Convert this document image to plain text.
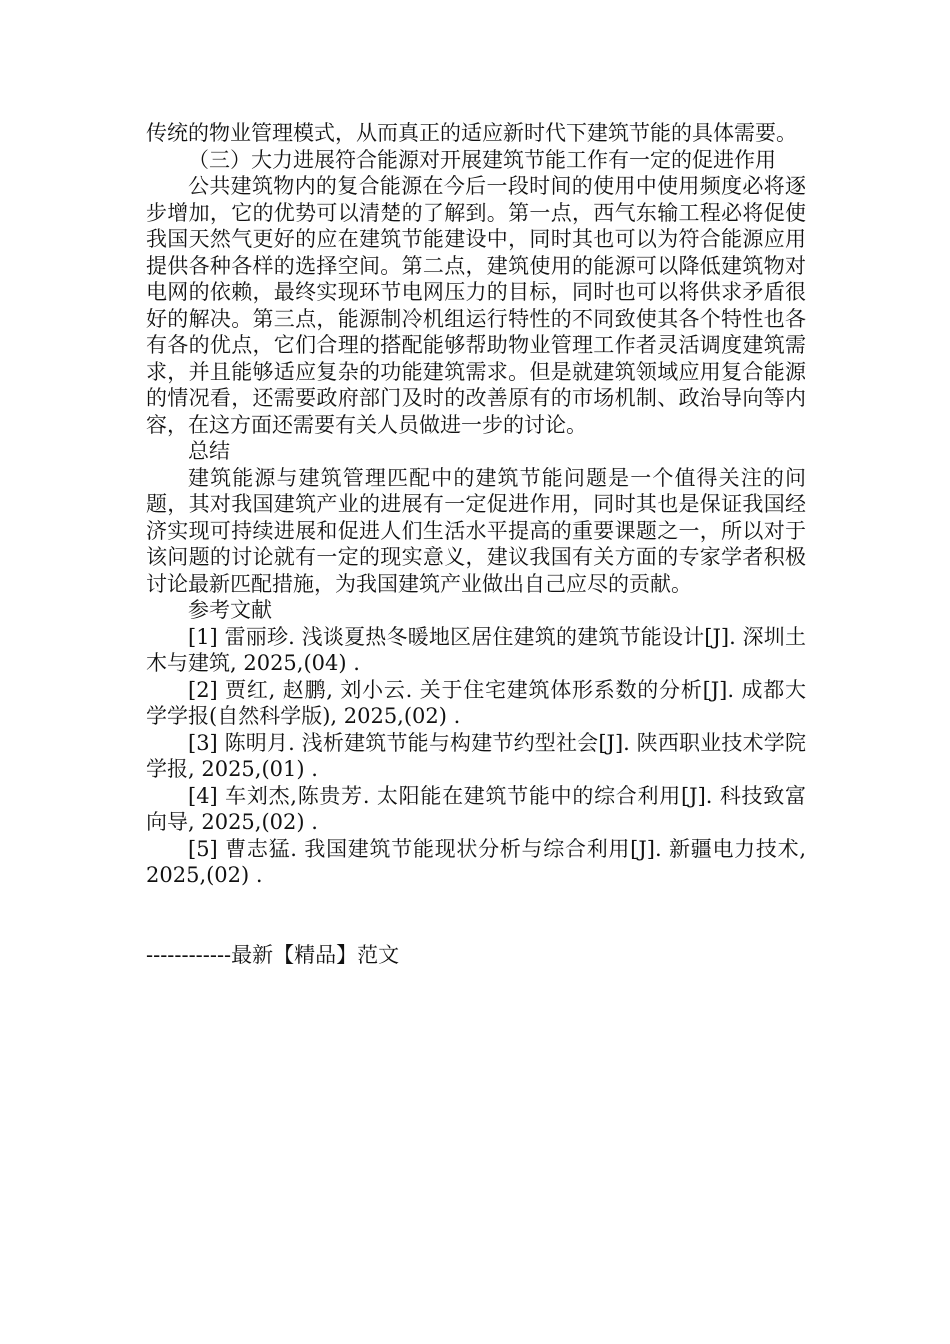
传统的物业管理模式，从而真正的适应新时代下建筑节能的具体需要。

（三）大力进展符合能源对开展建筑节能工作有一定的促进作用

公共建筑物内的复合能源在今后一段时间的使用中使用频度必将逐步增加，它的优势可以清楚的了解到。第一点，西气东输工程必将促使我国天然气更好的应在建筑节能建设中，同时其也可以为符合能源应用提供各种各样的选择空间。第二点，建筑使用的能源可以降低建筑物对电网的依赖，最终实现环节电网压力的目标，同时也可以将供求矛盾很好的解决。第三点，能源制冷机组运行特性的不同致使其各个特性也各有各的优点，它们合理的搭配能够帮助物业管理工作者灵活调度建筑需求，并且能够适应复杂的功能建筑需求。但是就建筑领域应用复合能源的情况看，还需要政府部门及时的改善原有的市场机制、政治导向等内容，在这方面还需要有关人员做进一步的讨论。

总结

建筑能源与建筑管理匹配中的建筑节能问题是一个值得关注的问题，其对我国建筑产业的进展有一定促进作用，同时其也是保证我国经济实现可持续进展和促进人们生活水平提高的重要课题之一，所以对于该问题的讨论就有一定的现实意义，建议我国有关方面的专家学者积极讨论最新匹配措施，为我国建筑产业做出自己应尽的贡献。

参考文献

[1] 雷丽珍. 浅谈夏热冬暖地区居住建筑的建筑节能设计[J]. 深圳土木与建筑, 2025,(04) .

[2] 贾红, 赵鹏, 刘小云. 关于住宅建筑体形系数的分析[J]. 成都大学学报(自然科学版), 2025,(02) .

[3] 陈明月. 浅析建筑节能与构建节约型社会[J]. 陕西职业技术学院学报, 2025,(01) .

[4] 车刘杰,陈贵芳. 太阳能在建筑节能中的综合利用[J]. 科技致富向导, 2025,(02) .

[5] 曹志猛. 我国建筑节能现状分析与综合利用[J]. 新疆电力技术, 2025,(02) .

------------最新【精品】范文
